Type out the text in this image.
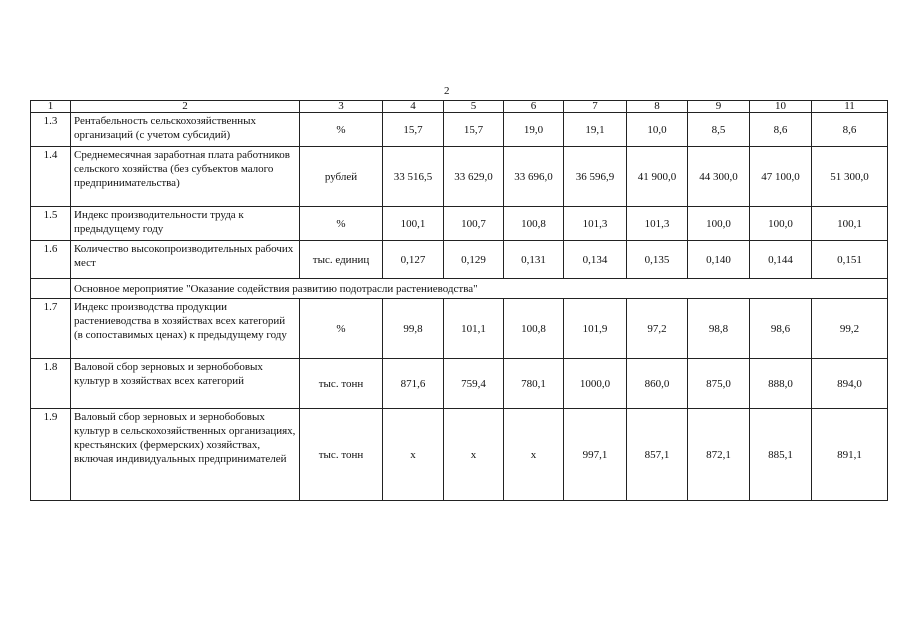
2
1	2	3	4	5	6	7	8	9	10	11
1.3	Рентабельность сельскохозяйственных организаций (с учетом субсидий)	%	15,7	15,7	19,0	19,1	10,0	8,5	8,6	8,6
1.4	Среднемесячная заработная плата работников сельского хозяйства (без субъектов малого предпринимательства)	рублей	33 516,5	33 629,0	33 696,0	36 596,9	41 900,0	44 300,0	47 100,0	51 300,0
1.5	Индекс производительности труда к предыдущему году	%	100,1	100,7	100,8	101,3	101,3	100,0	100,0	100,1
1.6	Количество высокопроизводительных рабочих мест	тыс. единиц	0,127	0,129	0,131	0,134	0,135	0,140	0,144	0,151
	Основное мероприятие "Оказание содействия развитию подотрасли растениеводства"									
1.7	Индекс производства продукции растениеводства в хозяйствах всех категорий (в сопоставимых ценах) к предыдущему году	%	99,8	101,1	100,8	101,9	97,2	98,8	98,6	99,2
1.8	Валовой сбор зерновых и зернобобовых культур в хозяйствах всех категорий	тыс. тонн	871,6	759,4	780,1	1000,0	860,0	875,0	888,0	894,0
1.9	Валовый сбор зерновых и зернобобовых культур в сельскохозяйственных организациях, крестьянских (фермерских) хозяйствах, включая индивидуальных предпринимателей	тыс. тонн	x	x	x	997,1	857,1	872,1	885,1	891,1
